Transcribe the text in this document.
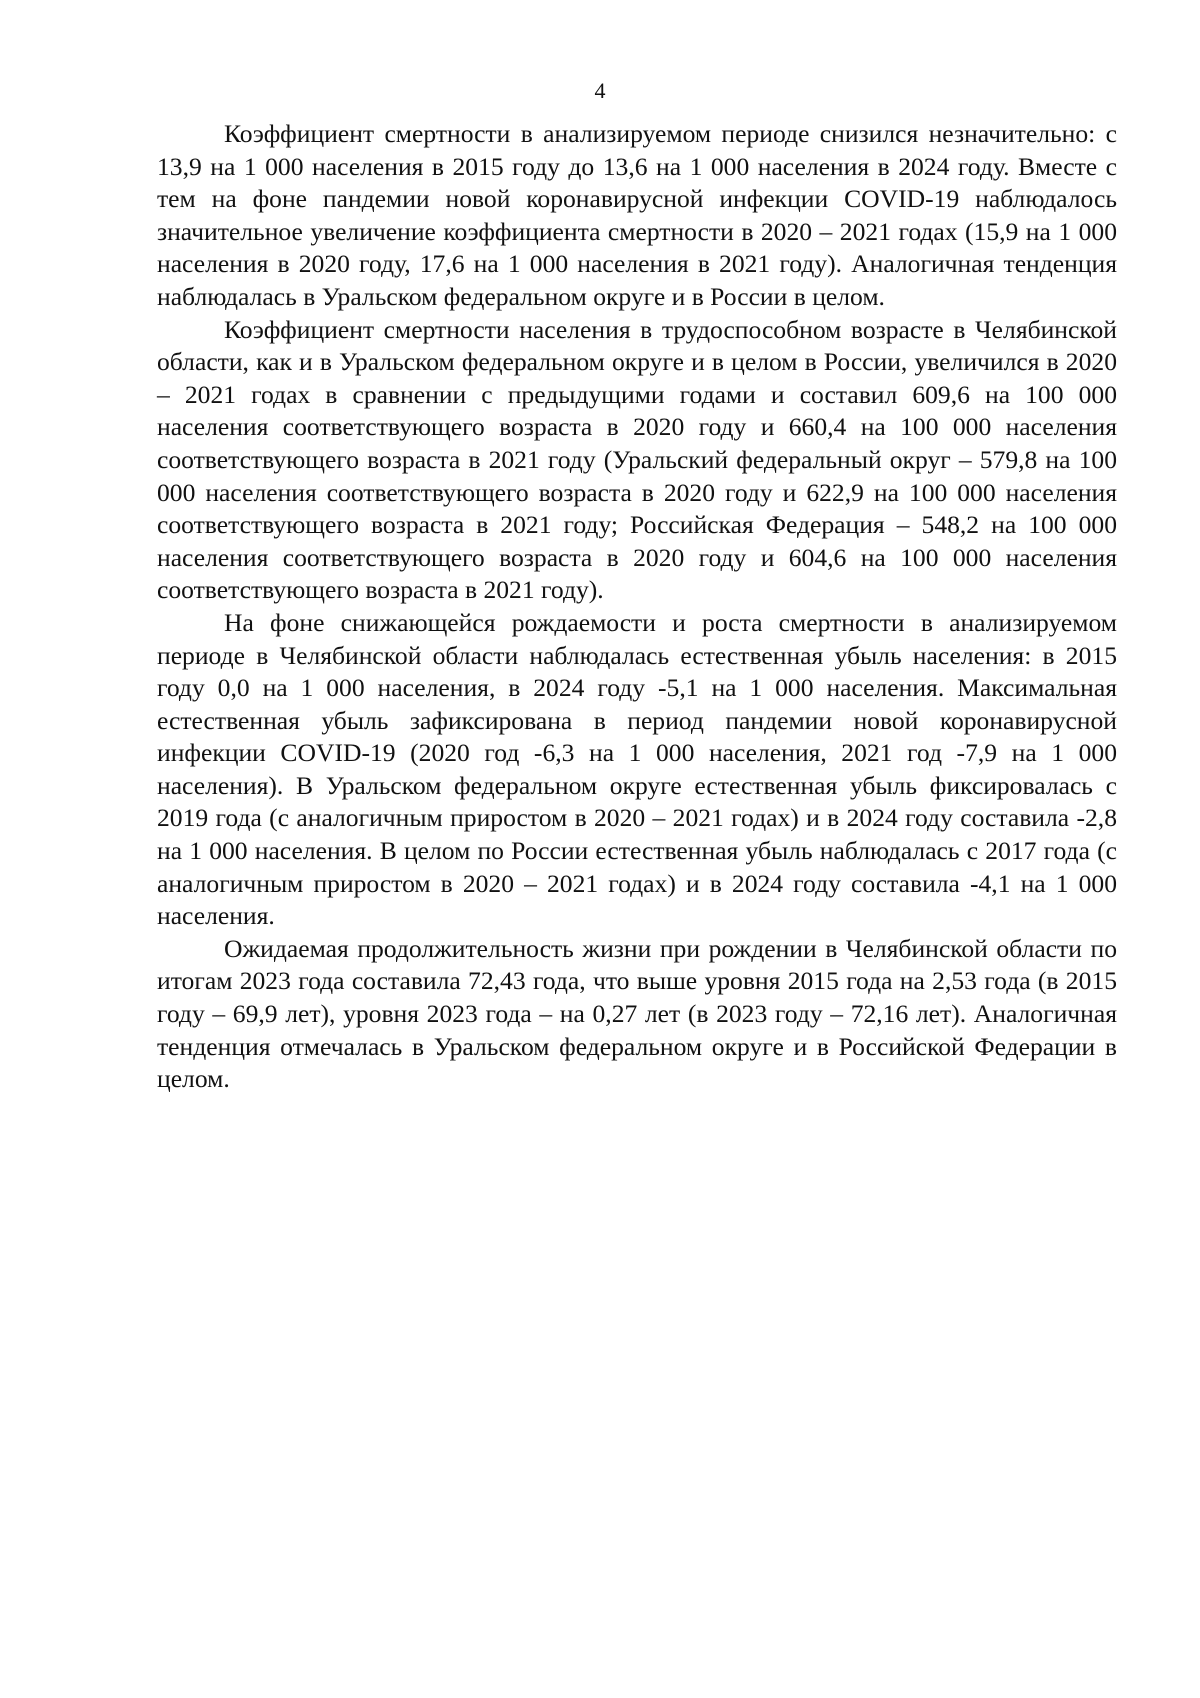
4

Коэффициент смертности в анализируемом периоде снизился незначительно: с 13,9 на 1 000 населения в 2015 году до 13,6 на 1 000 населения в 2024 году. Вместе с тем на фоне пандемии новой коронавирусной инфекции COVID-19 наблюдалось значительное увеличение коэффициента смертности в 2020 – 2021 годах (15,9 на 1 000 населения в 2020 году, 17,6 на 1 000 населения в 2021 году). Аналогичная тенденция наблюдалась в Уральском федеральном округе и в России в целом.

Коэффициент смертности населения в трудоспособном возрасте в Челябинской области, как и в Уральском федеральном округе и в целом в России, увеличился в 2020 – 2021 годах в сравнении с предыдущими годами и составил 609,6 на 100 000 населения соответствующего возраста в 2020 году и 660,4 на 100 000 населения соответствующего возраста в 2021 году (Уральский федеральный округ – 579,8 на 100 000 населения соответствующего возраста в 2020 году и 622,9 на 100 000 населения соответствующего возраста в 2021 году; Российская Федерация – 548,2 на 100 000 населения соответствующего возраста в 2020 году и 604,6 на 100 000 населения соответствующего возраста в 2021 году).

На фоне снижающейся рождаемости и роста смертности в анализируемом периоде в Челябинской области наблюдалась естественная убыль населения: в 2015 году 0,0 на 1 000 населения, в 2024 году -5,1 на 1 000 населения. Максимальная естественная убыль зафиксирована в период пандемии новой коронавирусной инфекции COVID-19 (2020 год -6,3 на 1 000 населения, 2021 год -7,9 на 1 000 населения). В Уральском федеральном округе естественная убыль фиксировалась с 2019 года (с аналогичным приростом в 2020 – 2021 годах) и в 2024 году составила -2,8 на 1 000 населения. В целом по России естественная убыль наблюдалась с 2017 года (с аналогичным приростом в 2020 – 2021 годах) и в 2024 году составила -4,1 на 1 000 населения.

Ожидаемая продолжительность жизни при рождении в Челябинской области по итогам 2023 года составила 72,43 года, что выше уровня 2015 года на 2,53 года (в 2015 году – 69,9 лет), уровня 2023 года – на 0,27 лет (в 2023 году – 72,16 лет). Аналогичная тенденция отмечалась в Уральском федеральном округе и в Российской Федерации в целом.
